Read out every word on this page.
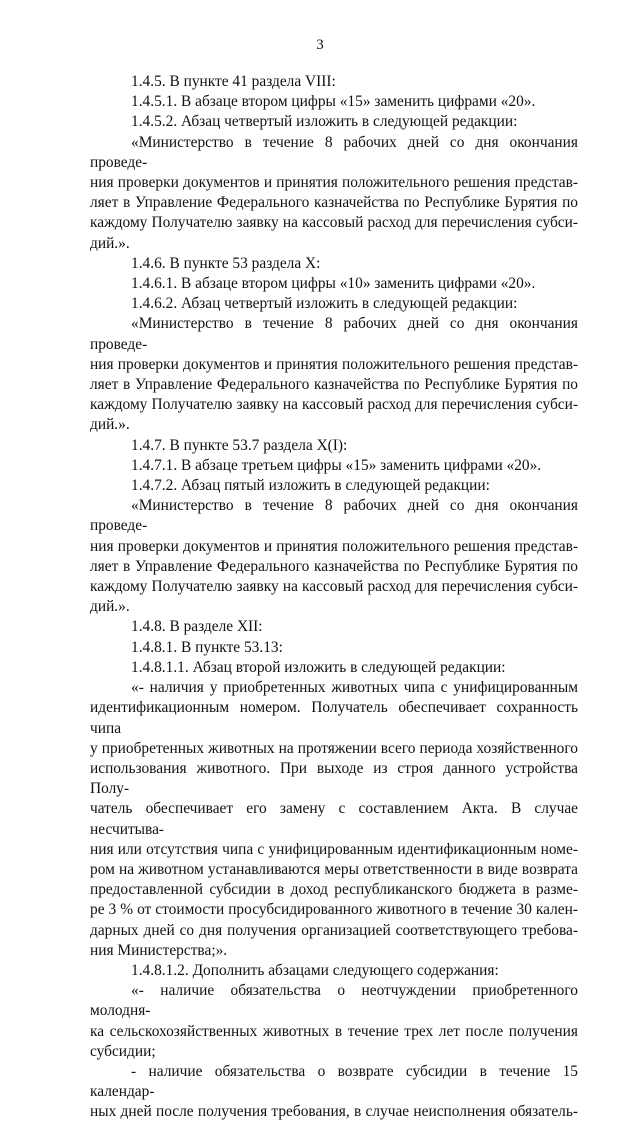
3

1.4.5. В пункте 41 раздела VIII:

1.4.5.1. В абзаце втором цифры «15» заменить цифрами «20».

1.4.5.2. Абзац четвертый изложить в следующей редакции:

«Министерство в течение 8 рабочих дней со дня окончания проведе-
ния проверки документов и принятия положительного решения представ-
ляет в Управление Федерального казначейства по Республике Бурятия по
каждому Получателю заявку на кассовый расход для перечисления субси-
дий.».

1.4.6. В пункте 53 раздела X:

1.4.6.1. В абзаце втором цифры «10» заменить цифрами «20».

1.4.6.2. Абзац четвертый изложить в следующей редакции:

«Министерство в течение 8 рабочих дней со дня окончания проведе-
ния проверки документов и принятия положительного решения представ-
ляет в Управление Федерального казначейства по Республике Бурятия по
каждому Получателю заявку на кассовый расход для перечисления субси-
дий.».

1.4.7. В пункте 53.7 раздела X(I):

1.4.7.1. В абзаце третьем цифры «15» заменить цифрами «20».

1.4.7.2. Абзац пятый изложить в следующей редакции:

«Министерство в течение 8 рабочих дней со дня окончания проведе-
ния проверки документов и принятия положительного решения представ-
ляет в Управление Федерального казначейства по Республике Бурятия по
каждому Получателю заявку на кассовый расход для перечисления субси-
дий.».

1.4.8. В разделе XII:

1.4.8.1. В пункте 53.13:

1.4.8.1.1. Абзац второй изложить в следующей редакции:

«- наличия у приобретенных животных чипа с унифицированным
идентификационным номером. Получатель обеспечивает сохранность чипа
у приобретенных животных на протяжении всего периода хозяйственного
использования животного. При выходе из строя данного устройства Полу-
чатель обеспечивает его замену с составлением Акта. В случае несчитыва-
ния или отсутствия чипа с унифицированным идентификационным номе-
ром на животном устанавливаются меры ответственности в виде возврата
предоставленной субсидии в доход республиканского бюджета в разме-
ре 3 % от стоимости просубсидированного животного в течение 30 кален-
дарных дней со дня получения организацией соответствующего требова-
ния Министерства;».

1.4.8.1.2. Дополнить абзацами следующего содержания:

«- наличие обязательства о неотчуждении приобретенного молодня-
ка сельскохозяйственных животных в течение трех лет после получения
субсидии;

- наличие обязательства о возврате субсидии в течение 15 календар-
ных дней после получения требования, в случае неисполнения обязатель-
